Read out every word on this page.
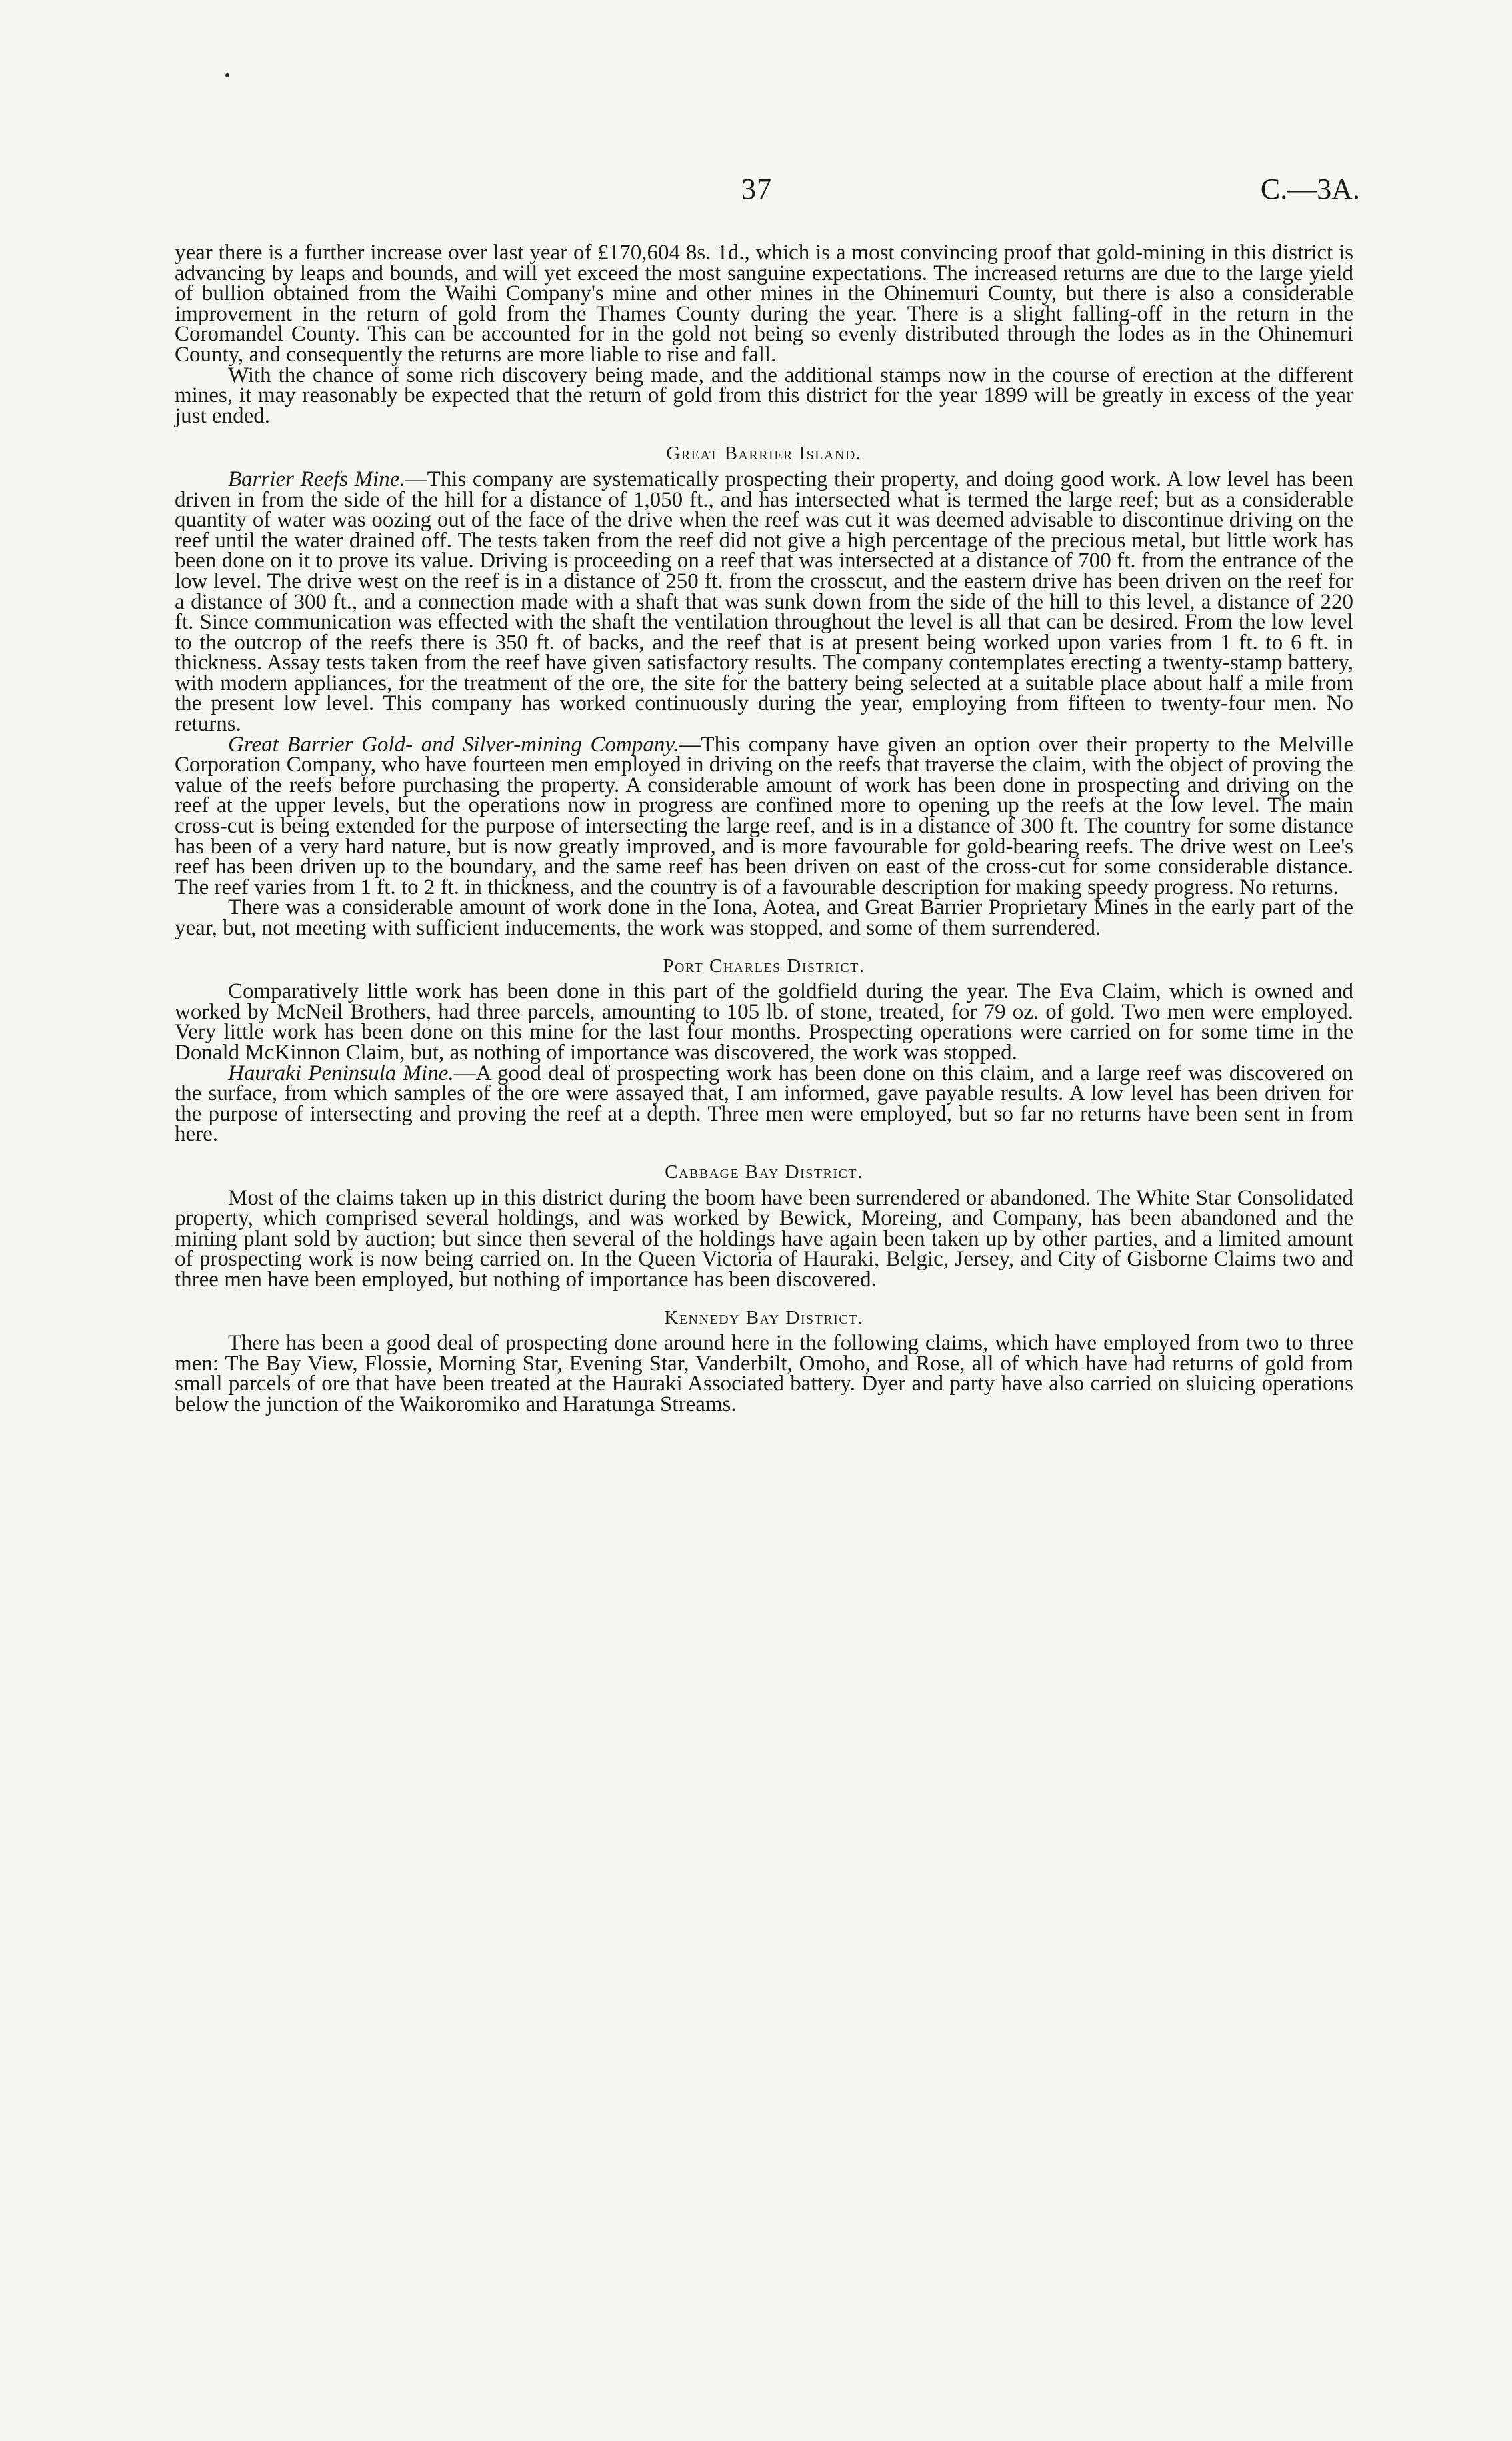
37	C.—3A.

year there is a further increase over last year of £170,604 8s. 1d., which is a most convincing proof that gold-mining in this district is advancing by leaps and bounds, and will yet exceed the most sanguine expectations. The increased returns are due to the large yield of bullion obtained from the Waihi Company's mine and other mines in the Ohinemuri County, but there is also a considerable improvement in the return of gold from the Thames County during the year. There is a slight falling-off in the return in the Coromandel County. This can be accounted for in the gold not being so evenly distributed through the lodes as in the Ohinemuri County, and consequently the returns are more liable to rise and fall.

With the chance of some rich discovery being made, and the additional stamps now in the course of erection at the different mines, it may reasonably be expected that the return of gold from this district for the year 1899 will be greatly in excess of the year just ended.

Great Barrier Island.

Barrier Reefs Mine.—This company are systematically prospecting their property, and doing good work. A low level has been driven in from the side of the hill for a distance of 1,050 ft., and has intersected what is termed the large reef; but as a considerable quantity of water was oozing out of the face of the drive when the reef was cut it was deemed advisable to discontinue driving on the reef until the water drained off. The tests taken from the reef did not give a high percentage of the precious metal, but little work has been done on it to prove its value. Driving is proceeding on a reef that was intersected at a distance of 700 ft. from the entrance of the low level. The drive west on the reef is in a distance of 250 ft. from the crosscut, and the eastern drive has been driven on the reef for a distance of 300 ft., and a connection made with a shaft that was sunk down from the side of the hill to this level, a distance of 220 ft. Since communication was effected with the shaft the ventilation throughout the level is all that can be desired. From the low level to the outcrop of the reefs there is 350 ft. of backs, and the reef that is at present being worked upon varies from 1 ft. to 6 ft. in thickness. Assay tests taken from the reef have given satisfactory results. The company contemplates erecting a twenty-stamp battery, with modern appliances, for the treatment of the ore, the site for the battery being selected at a suitable place about half a mile from the present low level. This company has worked continuously during the year, employing from fifteen to twenty-four men. No returns.

Great Barrier Gold- and Silver-mining Company.—This company have given an option over their property to the Melville Corporation Company, who have fourteen men employed in driving on the reefs that traverse the claim, with the object of proving the value of the reefs before purchasing the property. A considerable amount of work has been done in prospecting and driving on the reef at the upper levels, but the operations now in progress are confined more to opening up the reefs at the low level. The main cross-cut is being extended for the purpose of intersecting the large reef, and is in a distance of 300 ft. The country for some distance has been of a very hard nature, but is now greatly improved, and is more favourable for gold-bearing reefs. The drive west on Lee's reef has been driven up to the boundary, and the same reef has been driven on east of the cross-cut for some considerable distance. The reef varies from 1 ft. to 2 ft. in thickness, and the country is of a favourable description for making speedy progress. No returns.

There was a considerable amount of work done in the Iona, Aotea, and Great Barrier Proprietary Mines in the early part of the year, but, not meeting with sufficient inducements, the work was stopped, and some of them surrendered.

Port Charles District.

Comparatively little work has been done in this part of the goldfield during the year. The Eva Claim, which is owned and worked by McNeil Brothers, had three parcels, amounting to 105 lb. of stone, treated, for 79 oz. of gold. Two men were employed. Very little work has been done on this mine for the last four months. Prospecting operations were carried on for some time in the Donald McKinnon Claim, but, as nothing of importance was discovered, the work was stopped.

Hauraki Peninsula Mine.—A good deal of prospecting work has been done on this claim, and a large reef was discovered on the surface, from which samples of the ore were assayed that, I am informed, gave payable results. A low level has been driven for the purpose of intersecting and proving the reef at a depth. Three men were employed, but so far no returns have been sent in from here.

Cabbage Bay District.

Most of the claims taken up in this district during the boom have been surrendered or abandoned. The White Star Consolidated property, which comprised several holdings, and was worked by Bewick, Moreing, and Company, has been abandoned and the mining plant sold by auction; but since then several of the holdings have again been taken up by other parties, and a limited amount of prospecting work is now being carried on. In the Queen Victoria of Hauraki, Belgic, Jersey, and City of Gisborne Claims two and three men have been employed, but nothing of importance has been discovered.

Kennedy Bay District.

There has been a good deal of prospecting done around here in the following claims, which have employed from two to three men: The Bay View, Flossie, Morning Star, Evening Star, Vanderbilt, Omoho, and Rose, all of which have had returns of gold from small parcels of ore that have been treated at the Hauraki Associated battery. Dyer and party have also carried on sluicing operations below the junction of the Waikoromiko and Haratunga Streams.
